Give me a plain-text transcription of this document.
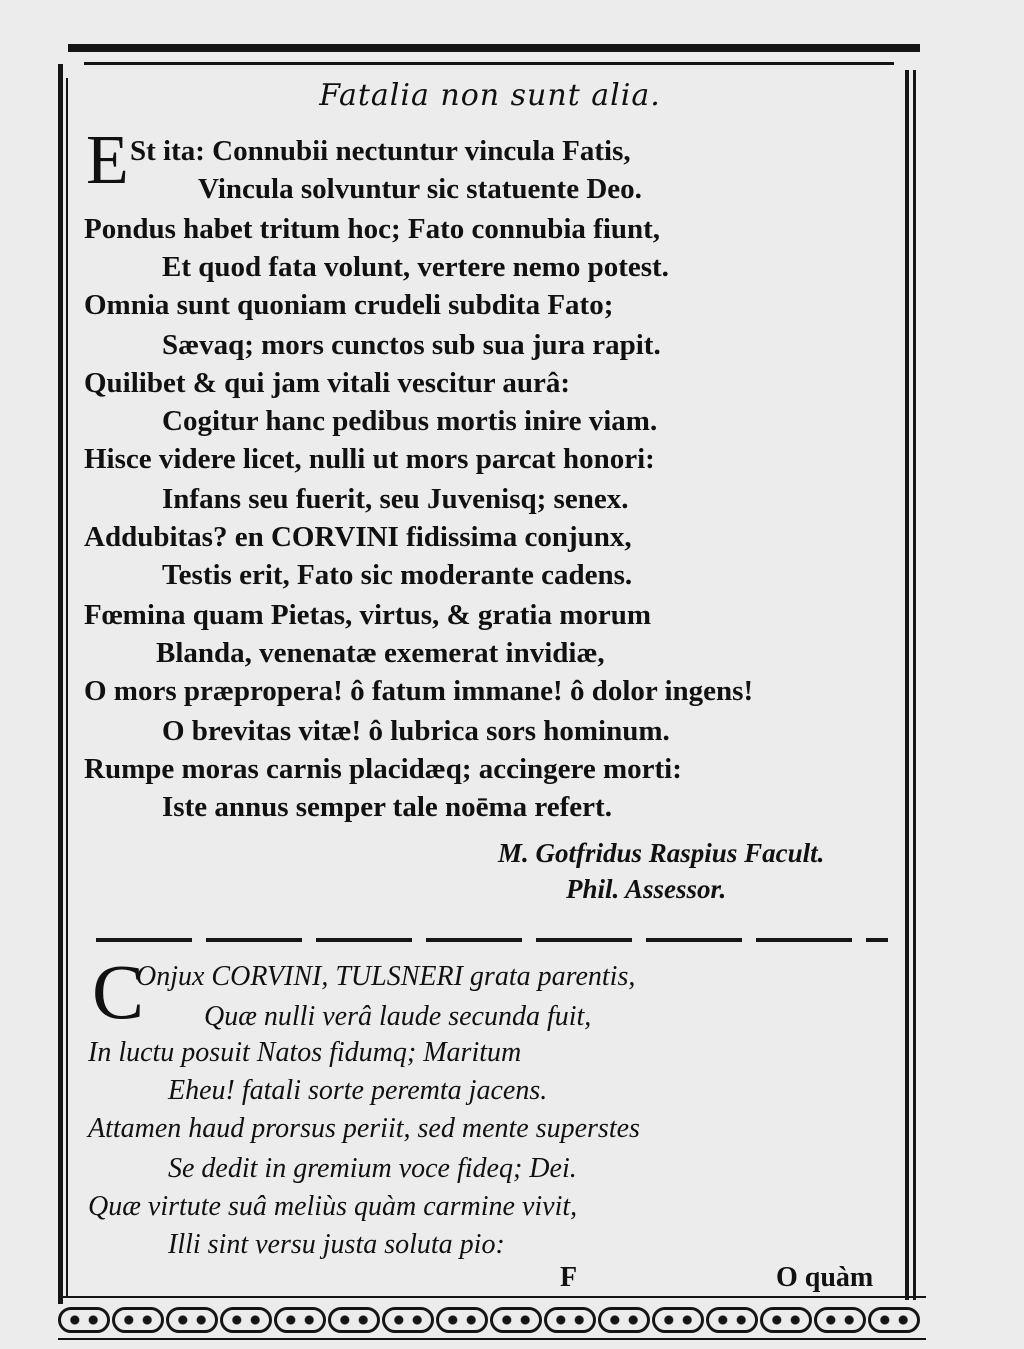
Fatalia non sunt alia.
E St ita: Connubii nectuntur vincula Fatis,
Vincula solvuntur sic statuente Deo.
Pondus habet tritum hoc; Fato connubia fiunt,
Et quod fata volunt, vertere nemo potest.
Omnia sunt quoniam crudeli subdita Fato;
Sævaq; mors cunctos sub sua jura rapit.
Quilibet & qui jam vitali vescitur aurâ:
Cogitur hanc pedibus mortis inire viam.
Hisce videre licet, nulli ut mors parcat honori:
Infans seu fuerit, seu Juvenisq; senex.
Addubitas? en CORVINI fidissima conjunx,
Testis erit, Fato sic moderante cadens.
Fœmina quam Pietas, virtus, & gratia morum
Blanda, venenatæ exemerat invidiæ,
O mors præpropera! ô fatum immane! ô dolor ingens!
O brevitas vitæ! ô lubrica sors hominum.
Rumpe moras carnis placidæq; accingere morti:
Iste annus semper tale noēma refert.
M. Gotfridus Raspius Facult.
Phil. Assessor.
C
Onjux CORVINI, TULSNERI grata parentis,
Quæ nulli verâ laude secunda fuit,
In luctu posuit Natos fidumq; Maritum
Eheu! fatali sorte peremta jacens.
Attamen haud prorsus periit, sed mente superstes
Se dedit in gremium voce fideq; Dei.
Quæ virtute suâ meliùs quàm carmine vivit,
Illi sint versu justa soluta pio:
F	O quàm
